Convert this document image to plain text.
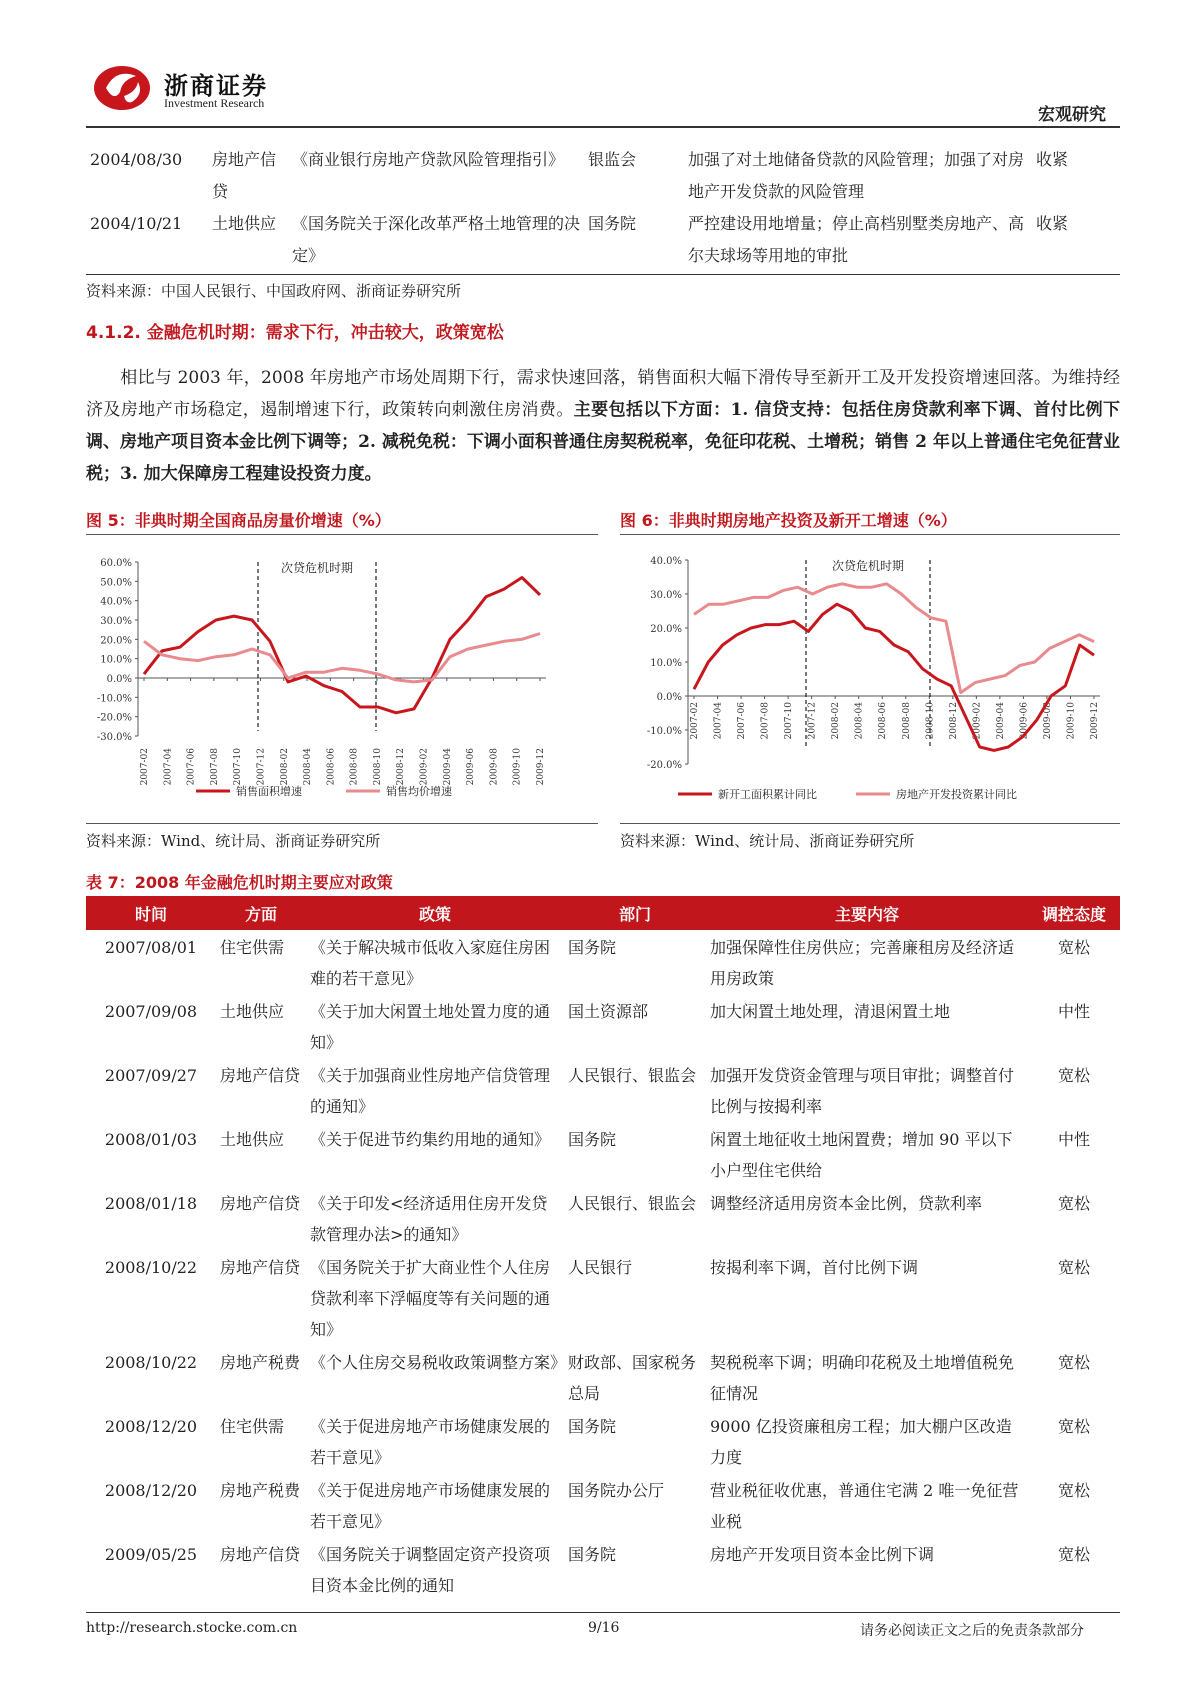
浙商证券
Investment Research
宏观研究
2004/08/30	房地产信贷	《商业银行房地产贷款风险管理指引》	银监会	加强了对土地储备贷款的风险管理；加强了对房地产开发贷款的风险管理	收紧
2004/10/21	土地供应	《国务院关于深化改革严格土地管理的决定》	国务院	严控建设用地增量；停止高档别墅类房地产、高尔夫球场等用地的审批	收紧
资料来源：中国人民银行、中国政府网、浙商证券研究所
4.1.2. 金融危机时期：需求下行，冲击较大，政策宽松
相比与 2003 年，2008 年房地产市场处周期下行，需求快速回落，销售面积大幅下滑传导至新开工及开发投资增速回落。为维持经济及房地产市场稳定，遏制增速下行，政策转向刺激住房消费。主要包括以下方面：1. 信贷支持：包括住房贷款利率下调、首付比例下调、房地产项目资本金比例下调等；2. 减税免税：下调小面积普通住房契税税率，免征印花税、土增税；销售 2 年以上普通住宅免征营业税；3. 加大保障房工程建设投资力度。
图 5：非典时期全国商品房量价增速（%）	图 6：非典时期房地产投资及新开工增速（%）
60.0%
50.0%
40.0%
30.0%
20.0%
10.0%
0.0%
-10.0%
-20.0%
-30.0%
2007-02 2007-04 2007-06 2007-08 2007-10 2007-12 2008-02 2008-04 2008-06 2008-08 2008-10 2008-12 2009-02 2009-04 2009-06 2009-08 2009-10 2009-12
次贷危机时期
销售面积增速	销售均价增速
40.0%
30.0%
20.0%
10.0%
0.0%
-10.0%
-20.0%
2007-02 2007-04 2007-06 2007-08 2007-10 2007-12 2008-02 2008-04 2008-06 2008-08 2008-10 2008-12 2009-02 2009-04 2009-06 2009-08 2009-10 2009-12
次贷危机时期
新开工面积累计同比	房地产开发投资累计同比
资料来源：Wind、统计局、浙商证券研究所	资料来源：Wind、统计局、浙商证券研究所
表 7：2008 年金融危机时期主要应对政策
时间	方面	政策	部门	主要内容	调控态度
2007/08/01	住宅供需	《关于解决城市低收入家庭住房困难的若干意见》	国务院	加强保障性住房供应；完善廉租房及经济适用房政策	宽松
2007/09/08	土地供应	《关于加大闲置土地处置力度的通知》	国土资源部	加大闲置土地处理，清退闲置土地	中性
2007/09/27	房地产信贷	《关于加强商业性房地产信贷管理的通知》	人民银行、银监会	加强开发贷资金管理与项目审批；调整首付比例与按揭利率	宽松
2008/01/03	土地供应	《关于促进节约集约用地的通知》	国务院	闲置土地征收土地闲置费；增加 90 平以下小户型住宅供给	中性
2008/01/18	房地产信贷	《关于印发<经济适用住房开发贷款管理办法>的通知》	人民银行、银监会	调整经济适用房资本金比例，贷款利率	宽松
2008/10/22	房地产信贷	《国务院关于扩大商业性个人住房贷款利率下浮幅度等有关问题的通知》	人民银行	按揭利率下调，首付比例下调	宽松
2008/10/22	房地产税费	《个人住房交易税收政策调整方案》	财政部、国家税务总局	契税税率下调；明确印花税及土地增值税免征情况	宽松
2008/12/20	住宅供需	《关于促进房地产市场健康发展的若干意见》	国务院	9000 亿投资廉租房工程；加大棚户区改造力度	宽松
2008/12/20	房地产税费	《关于促进房地产市场健康发展的若干意见》	国务院办公厅	营业税征收优惠，普通住宅满 2 唯一免征营业税	宽松
2009/05/25	房地产信贷	《国务院关于调整固定资产投资项目资本金比例的通知	国务院	房地产开发项目资本金比例下调	宽松
http://research.stocke.com.cn	9/16	请务必阅读正文之后的免责条款部分
